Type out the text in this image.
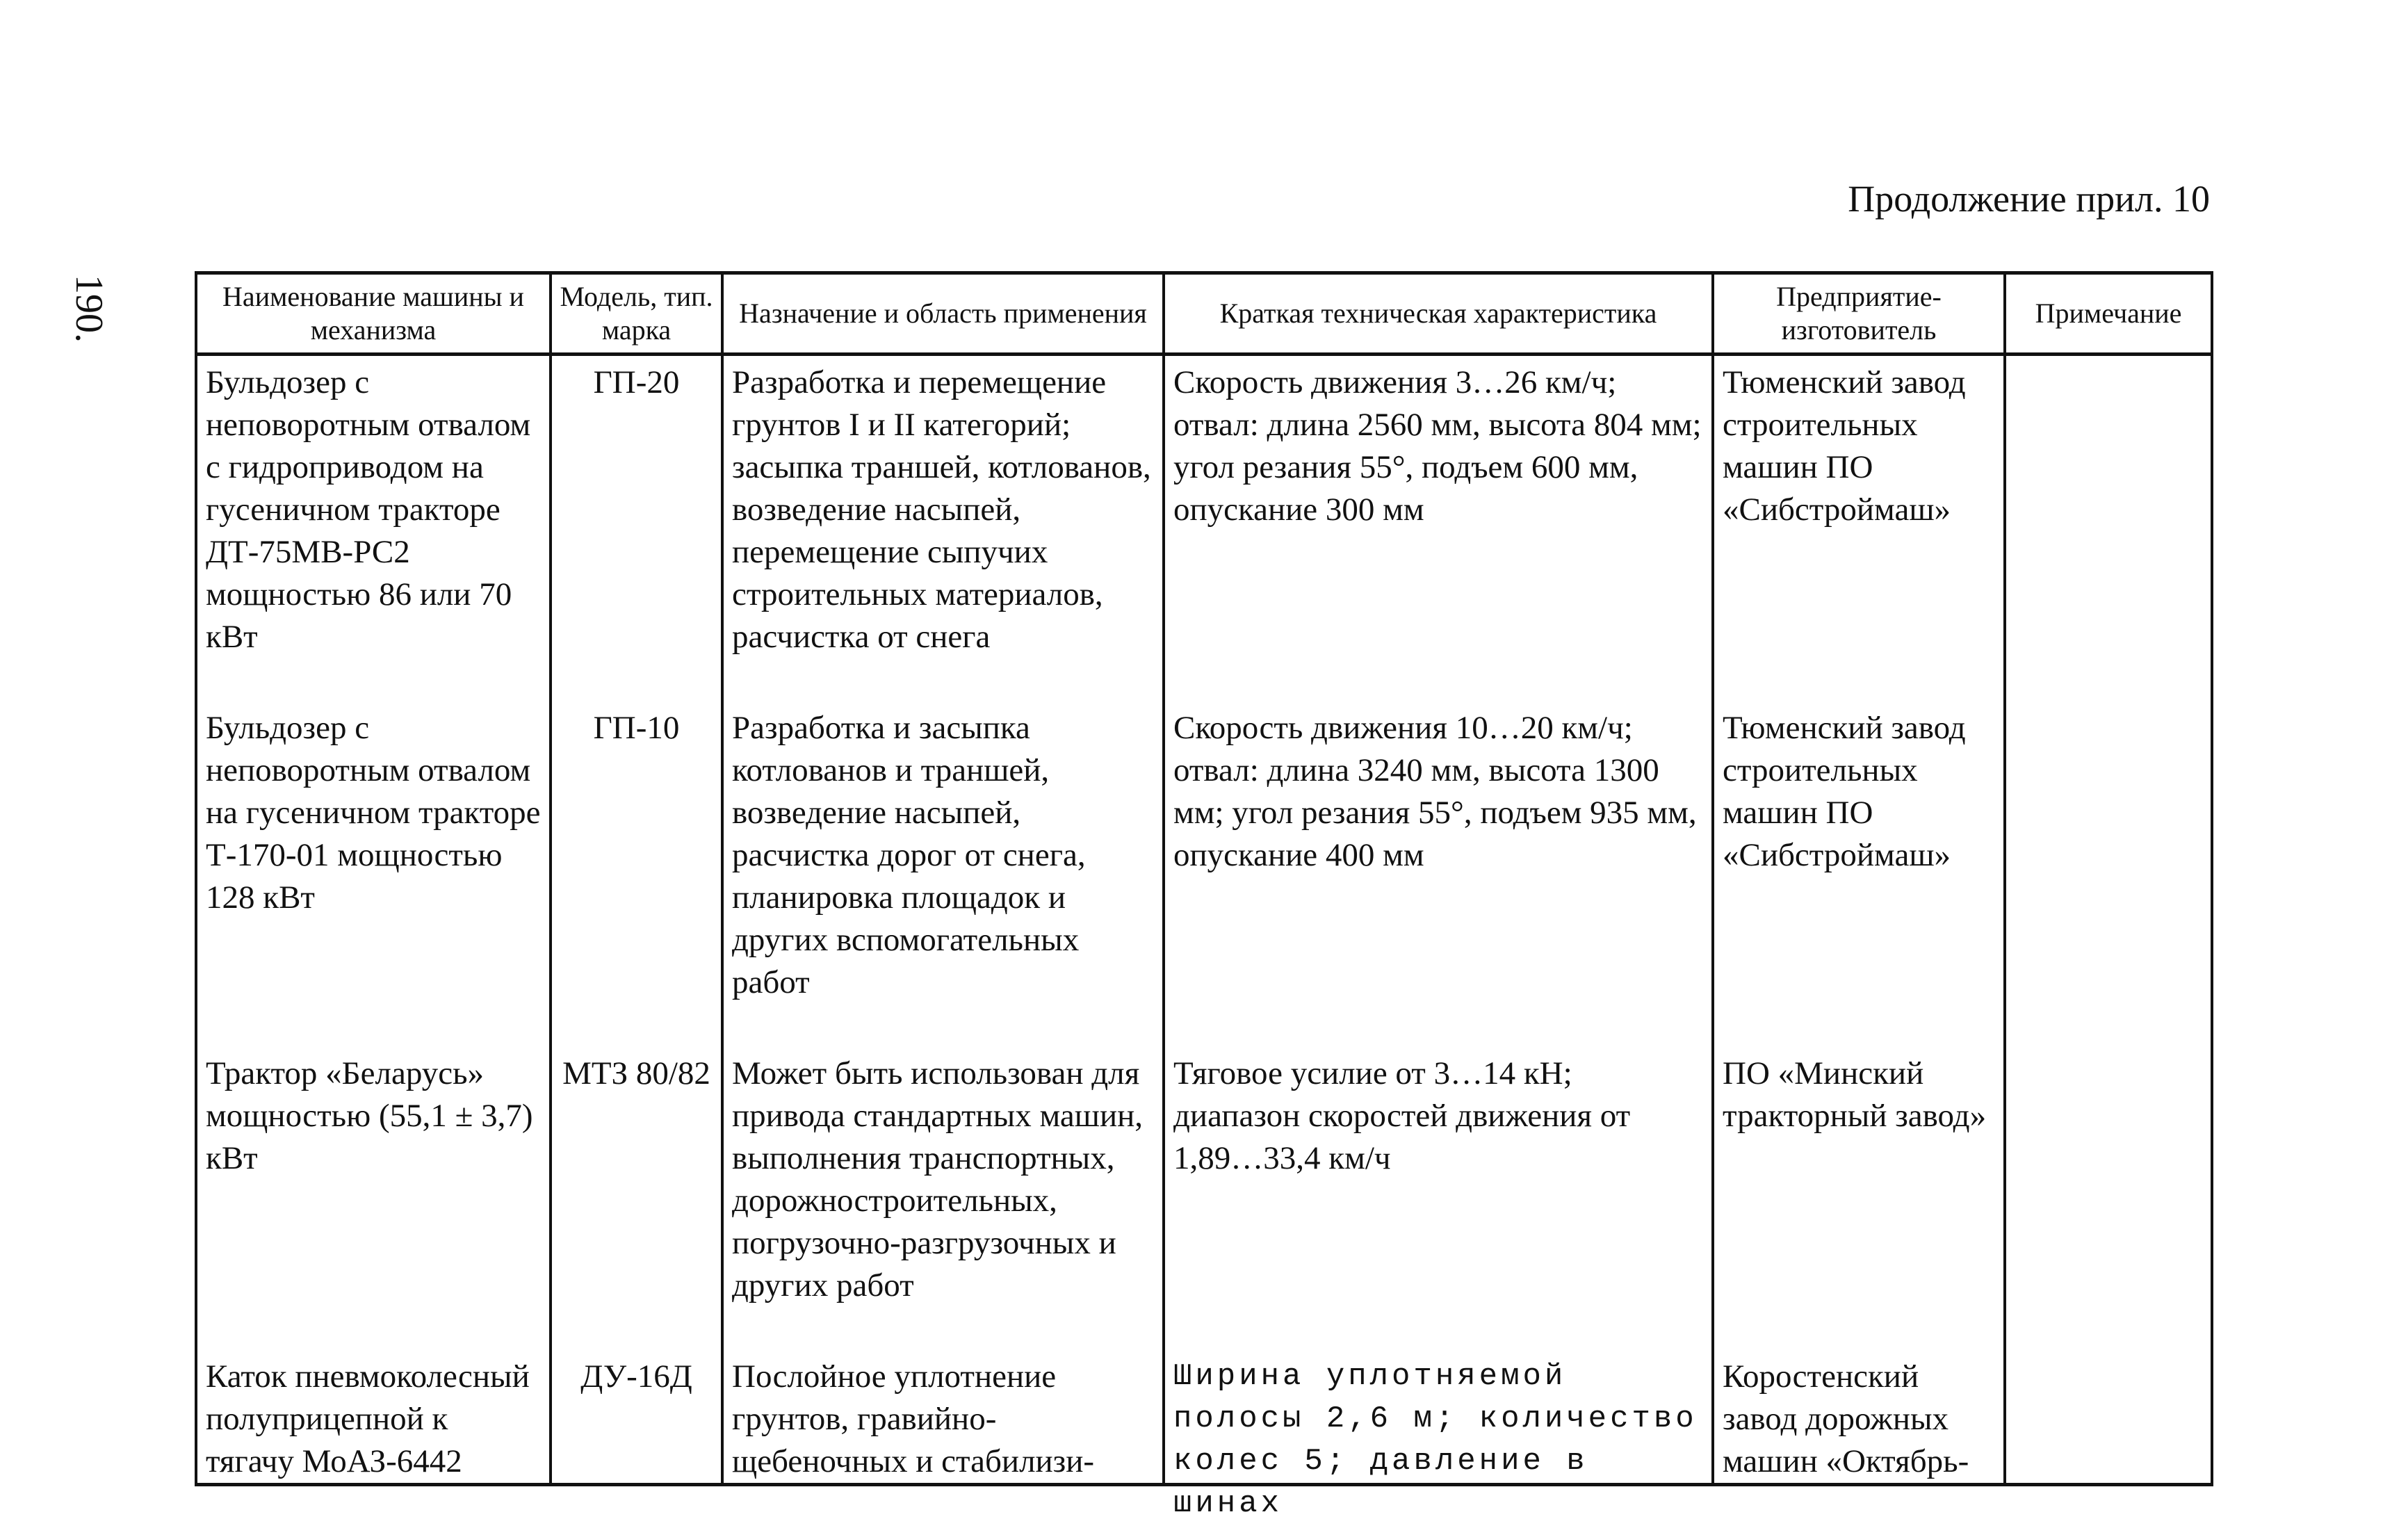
190.
Продолжение прил. 10
Наименование машины и механизма	Модель, тип. марка	Назначение и область применения	Краткая техническая характеристика	Предприятие-изготовитель	Примечание
Бульдозер с неповоротным отвалом с гидроприводом на гусеничном тракторе ДТ-75МВ-РС2 мощностью 86 или 70 кВт	ГП-20	Разработка и перемещение грунтов I и II категорий; засыпка траншей, котлованов, возведение насыпей, перемещение сыпучих строительных материалов, расчистка от снега	Скорость движения 3…26 км/ч; отвал: длина 2560 мм, высота 804 мм; угол резания 55°, подъем 600 мм, опускание 300 мм	Тюменский завод строительных машин ПО «Сибстроймаш»	
Бульдозер с неповоротным отвалом на гусеничном тракторе Т-170-01 мощностью 128 кВт	ГП-10	Разработка и засыпка котлованов и траншей, возведение насыпей, расчистка дорог от снега, планировка площадок и других вспомогательных работ	Скорость движения 10…20 км/ч; отвал: длина 3240 мм, высота 1300 мм; угол резания 55°, подъем 935 мм, опускание 400 мм	Тюменский завод строительных машин ПО «Сибстроймаш»	
Трактор «Беларусь» мощностью (55,1 ± 3,7) кВт	МТЗ 80/82	Может быть использован для привода стандартных машин, выполнения транспортных, дорожностроительных, погрузочно-разгрузочных и других работ	Тяговое усилие от 3…14 кН; диапазон скоростей движения от 1,89…33,4 км/ч	ПО «Минский тракторный завод»	

Каток пневмоколесный полуприцепной к тягачу МоАЗ-6442	ДУ-16Д	Послойное уплотнение грунтов, гравийно-щебеночных и стабилизи-	Ширина уплотняемой полосы 2,6 м; количество колес 5; давление в шинах	Коростенский завод дорожных машин «Октябрь-	
